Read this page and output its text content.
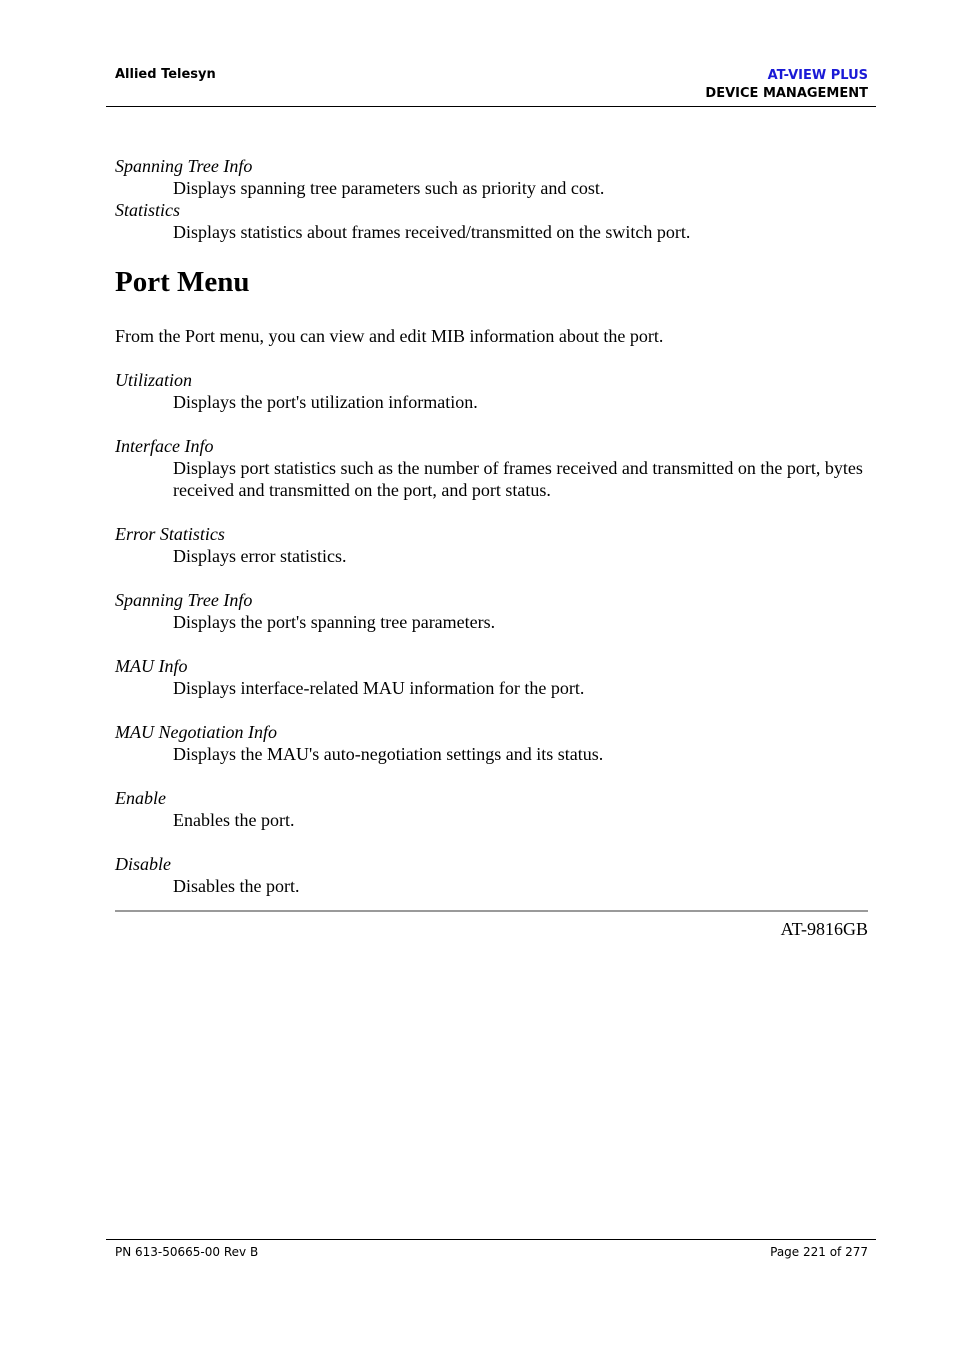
Allied Telesyn	AT-VIEW PLUS
DEVICE MANAGEMENT

Spanning Tree Info

Displays spanning tree parameters such as priority and cost.

Statistics

Displays statistics about frames received/transmitted on the switch port.

Port Menu

From the Port menu, you can view and edit MIB information about the port.

Utilization

Displays the port's utilization information.

Interface Info

Displays port statistics such as the number of frames received and transmitted on the port, bytes received and transmitted on the port, and port status.

Error Statistics

Displays error statistics.

Spanning Tree Info

Displays the port's spanning tree parameters.

MAU Info

Displays interface-related MAU information for the port.

MAU Negotiation Info

Displays the MAU's auto-negotiation settings and its status.

Enable

Enables the port.

Disable

Disables the port.

AT-9816GB
PN 613-50665-00 Rev B	Page 221 of 277
